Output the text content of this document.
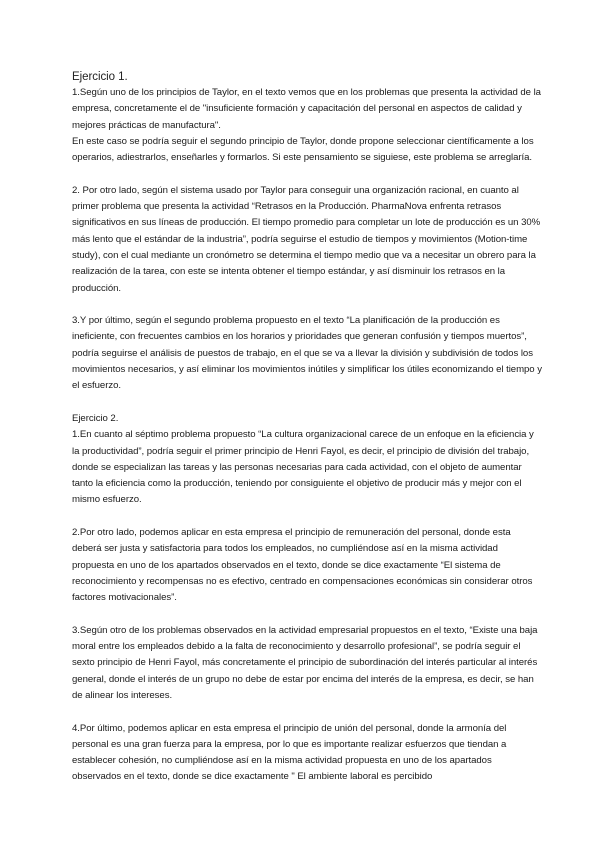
Ejercicio 1.

1.Según uno de los principios de Taylor, en el texto vemos que en los problemas que presenta la actividad de la empresa, concretamente el de "insuficiente formación y capacitación del personal en aspectos de calidad y mejores prácticas de manufactura".

En este caso se podría seguir el segundo principio de Taylor, donde propone seleccionar científicamente a los operarios, adiestrarlos, enseñarles y formarlos. Si este pensamiento se siguiese, este problema se arreglaría.

2. Por otro lado, según el sistema usado por Taylor para conseguir una organización racional, en cuanto al primer problema que presenta la actividad “Retrasos en la Producción. PharmaNova enfrenta retrasos significativos en sus líneas de producción. El tiempo promedio para completar un lote de producción es un 30% más lento que el estándar de la industria”, podría seguirse el estudio de tiempos y movimientos (Motion-time study), con el cual mediante un cronómetro se determina el tiempo medio que va a necesitar un obrero para la realización de la tarea, con este se intenta obtener el tiempo estándar, y así disminuir los retrasos en la producción.

3.Y por último, según el segundo problema propuesto en el texto “La planificación de la producción es ineficiente, con frecuentes cambios en los horarios y prioridades que generan confusión y tiempos muertos”, podría seguirse el análisis de puestos de trabajo, en el que se va a llevar la división y subdivisión de todos los movimientos necesarios, y así eliminar los movimientos inútiles y simplificar los útiles economizando el tiempo y el esfuerzo.

Ejercicio 2.

1.En cuanto al séptimo problema propuesto “La cultura organizacional carece de un enfoque en la eficiencia y la productividad”, podría seguir el primer principio de Henri Fayol, es decir, el principio de división del trabajo, donde se especializan las tareas y las personas necesarias para cada actividad, con el objeto de aumentar tanto la eficiencia como la producción, teniendo por consiguiente el objetivo de producir más y mejor con el mismo esfuerzo.

2.Por otro lado, podemos aplicar en esta empresa el principio de remuneración del personal, donde esta deberá ser justa y satisfactoria para todos los empleados, no cumpliéndose así en la misma actividad propuesta en uno de los apartados observados en el texto, donde se dice exactamente “El sistema de reconocimiento y recompensas no es efectivo, centrado en compensaciones económicas sin considerar otros factores motivacionales”.

3.Según otro de los problemas observados en la actividad empresarial propuestos en el texto, “Existe una baja moral entre los empleados debido a la falta de reconocimiento y desarrollo profesional”, se podría seguir el sexto principio de Henri Fayol, más concretamente el principio de subordinación del interés particular al interés general, donde el interés de un grupo no debe de estar por encima del interés de la empresa, es decir, se han de alinear los intereses.

4.Por último, podemos aplicar en esta empresa el principio de unión del personal, donde la armonía del personal es una gran fuerza para la empresa, por lo que es importante realizar esfuerzos que tiendan a establecer cohesión, no cumpliéndose así en la misma actividad propuesta en uno de los apartados observados en el texto, donde se dice exactamente " El ambiente laboral es percibido
